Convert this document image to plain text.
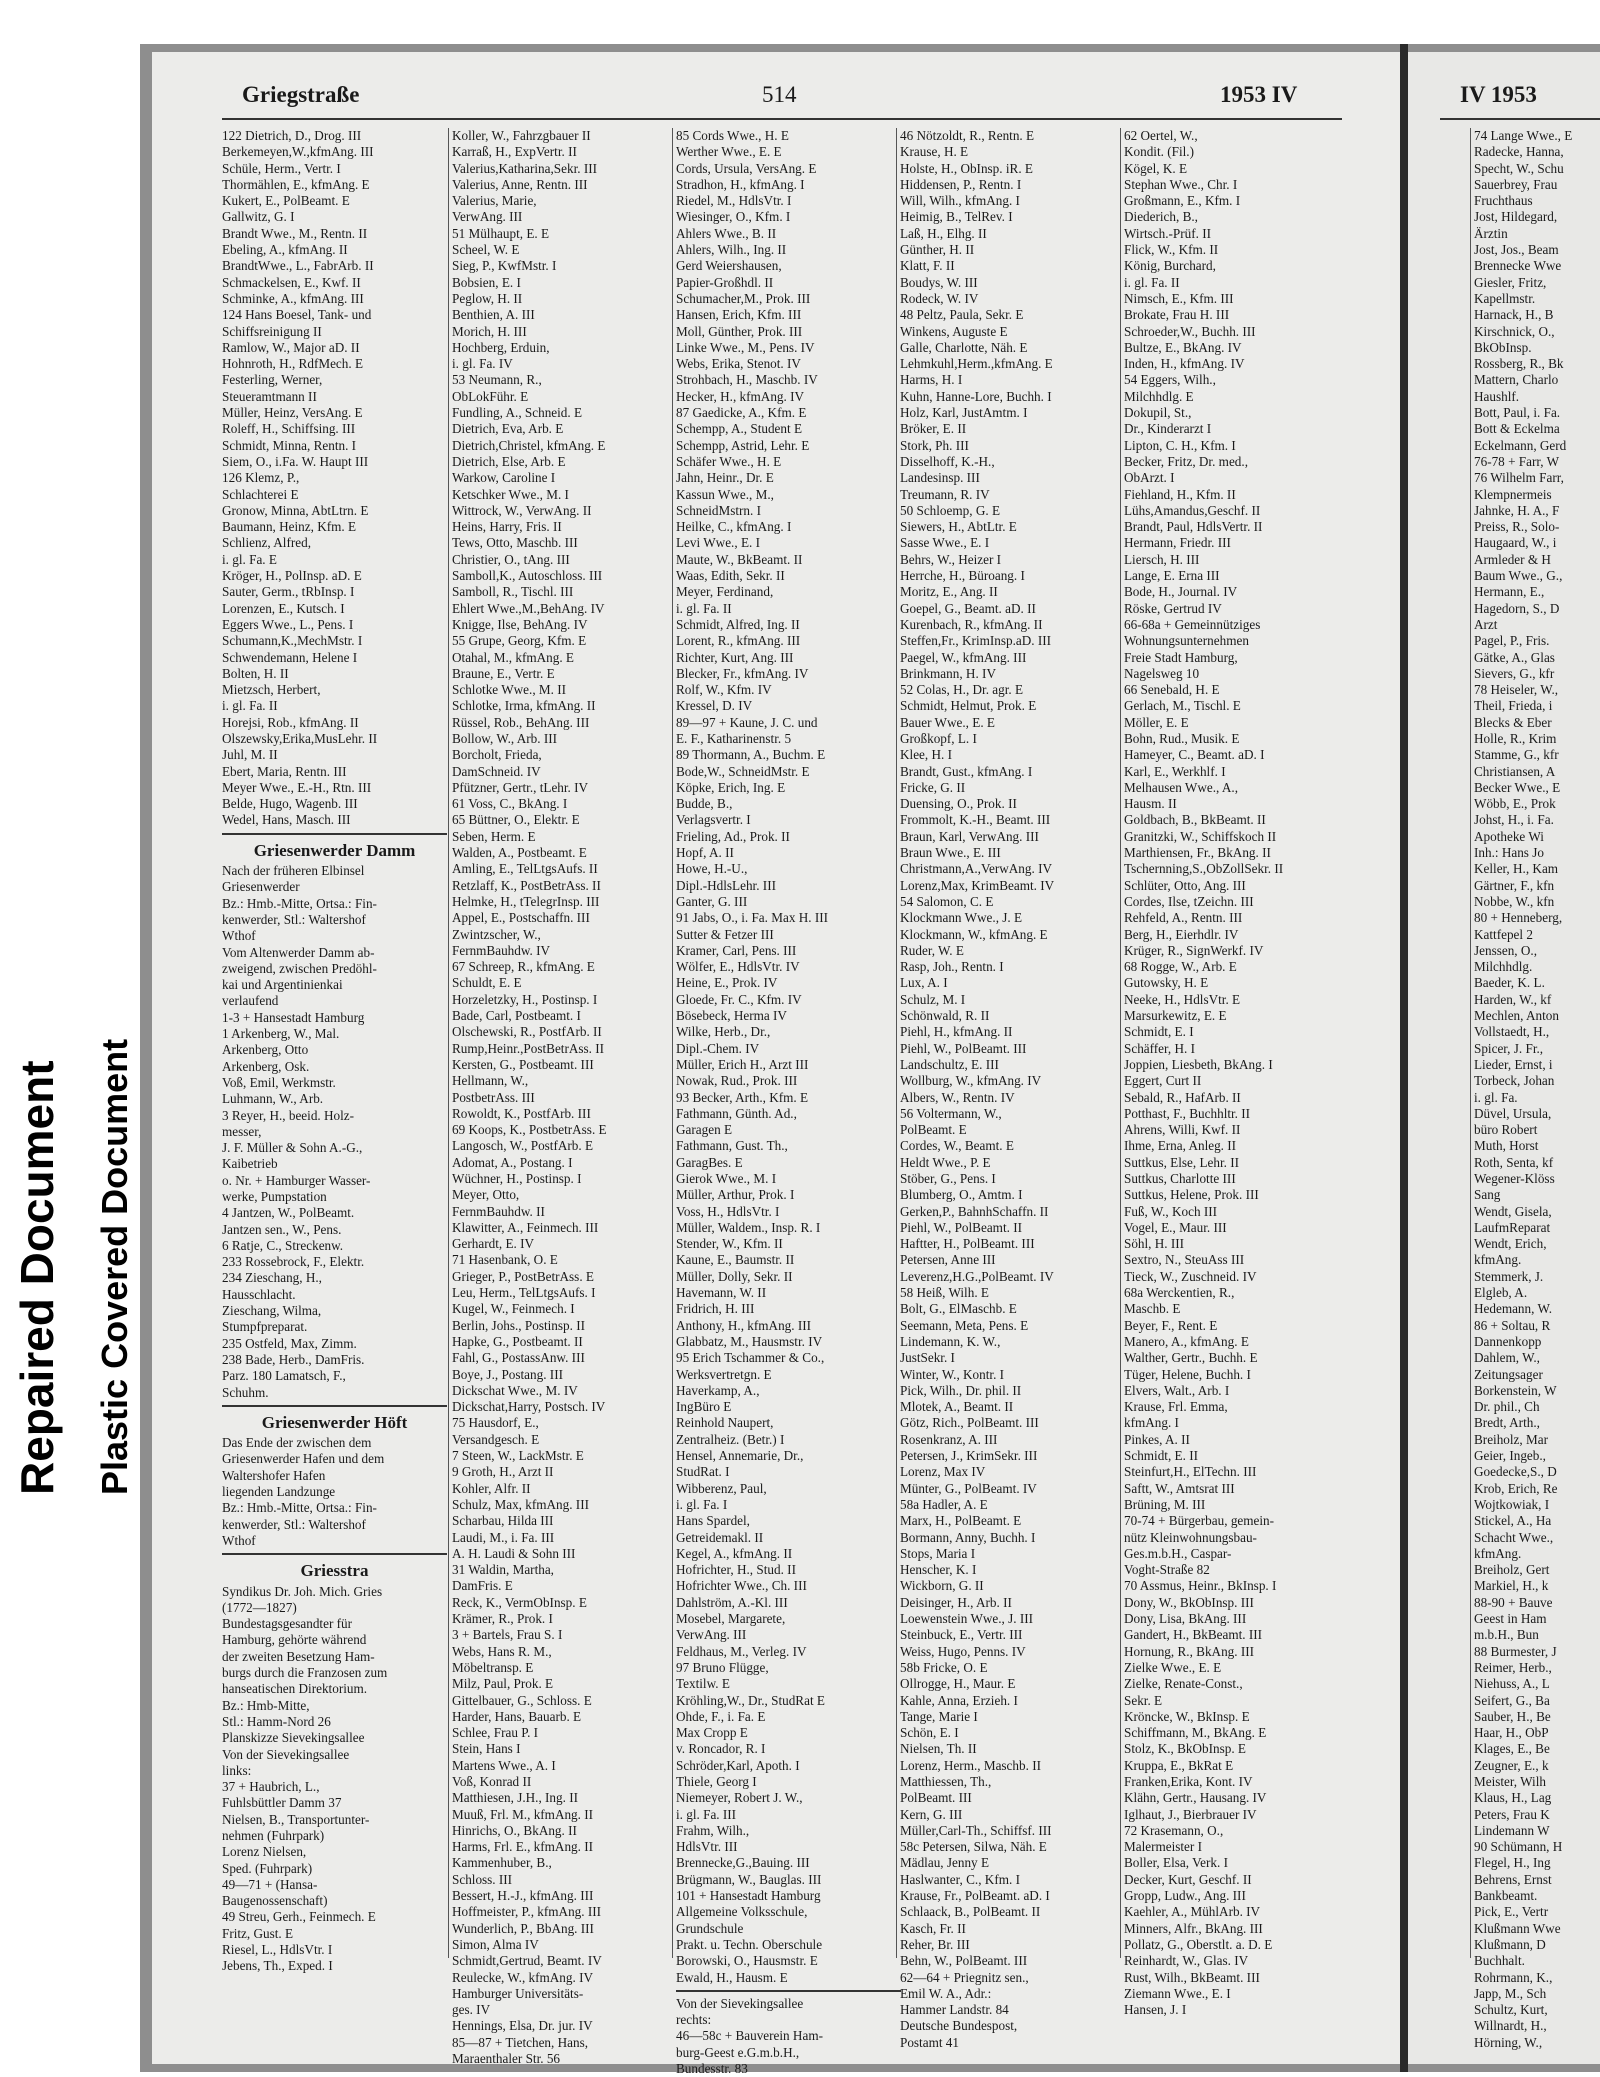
Repaired Document Plastic Covered Document
Griegstraße	514	1953 IV	IV 1953
122 Dietrich, D., Drog. III
Berkemeyen,W.,kfmAng. III
Schüle, Herm., Vertr. I
Thormählen, E., kfmAng. E
Kukert, E., PolBeamt. E
Gallwitz, G. I
Brandt Wwe., M., Rentn. II
Ebeling, A., kfmAng. II
BrandtWwe., L., FabrArb. II
Schmackelsen, E., Kwf. II
Schminke, A., kfmAng. III
124 Hans Boesel, Tank- und
Schiffsreinigung II
Ramlow, W., Major aD. II
Hohnroth, H., RdfMech. E
Festerling, Werner,
Steueramtmann II
Müller, Heinz, VersAng. E
Roleff, H., Schiffsing. III
Schmidt, Minna, Rentn. I
Siem, O., i.Fa. W. Haupt III
126 Klemz, P.,
Schlachterei E
Gronow, Minna, AbtLtrn. E
Baumann, Heinz, Kfm. E
Schlienz, Alfred,
i. gl. Fa. E
Kröger, H., PolInsp. aD. E
Sauter, Germ., tRbInsp. I
Lorenzen, E., Kutsch. I
Eggers Wwe., L., Pens. I
Schumann,K.,MechMstr. I
Schwendemann, Helene I
Bolten, H. II
Mietzsch, Herbert,
i. gl. Fa. II
Horejsi, Rob., kfmAng. II
Olszewsky,Erika,MusLehr. II
Juhl, M. II
Ebert, Maria, Rentn. III
Meyer Wwe., E.-H., Rtn. III
Belde, Hugo, Wagenb. III
Wedel, Hans, Masch. III
Griesenwerder Damm
Nach der früheren Elbinsel
Griesenwerder
Bz.: Hmb.-Mitte, Ortsa.: Fin-
kenwerder, Stl.: Waltershof
Wthof
Vom Altenwerder Damm ab-
zweigend, zwischen Predöhl-
kai und Argentinienkai
verlaufend
1-3 + Hansestadt Hamburg
1 Arkenberg, W., Mal.
Arkenberg, Otto
Arkenberg, Osk.
Voß, Emil, Werkmstr.
Luhmann, W., Arb.
3 Reyer, H., beeid. Holz-
messer,
J. F. Müller & Sohn A.-G.,
Kaibetrieb
o. Nr. + Hamburger Wasser-
werke, Pumpstation
4 Jantzen, W., PolBeamt.
Jantzen sen., W., Pens.
6 Ratje, C., Streckenw.
233 Rossebrock, F., Elektr.
234 Zieschang, H.,
Hausschlacht.
Zieschang, Wilma,
Stumpfpreparat.
235 Ostfeld, Max, Zimm.
238 Bade, Herb., DamFris.
Parz. 180 Lamatsch, F.,
Schuhm.
Griesenwerder Höft
Das Ende der zwischen dem
Griesenwerder Hafen und dem
Waltershofer Hafen
liegenden Landzunge
Bz.: Hmb.-Mitte, Ortsa.: Fin-
kenwerder, Stl.: Waltershof
Wthof
Griesstra
Syndikus Dr. Joh. Mich. Gries
(1772—1827)
Bundestagsgesandter für
Hamburg, gehörte während
der zweiten Besetzung Ham-
burgs durch die Franzosen zum
hanseatischen Direktorium.
Bz.: Hmb-Mitte,
Stl.: Hamm-Nord 26
Planskizze Sievekingsallee
Von der Sievekingsallee
links:
37 + Haubrich, L.,
Fuhlsbüttler Damm 37
Nielsen, B., Transportunter-
nehmen (Fuhrpark)
Lorenz Nielsen,
Sped. (Fuhrpark)
49—71 + (Hansa-
Baugenossenschaft)
49 Streu, Gerh., Feinmech. E
Fritz, Gust. E
Riesel, L., HdlsVtr. I
Jebens, Th., Exped. I
Koller, W., Fahrzgbauer II
Karraß, H., ExpVertr. II
Valerius,Katharina,Sekr. III
Valerius, Anne, Rentn. III
Valerius, Marie,
VerwAng. III
51 Mülhaupt, E. E
Scheel, W. E
Sieg, P., KwfMstr. I
Bobsien, E. I
Peglow, H. II
Benthien, A. III
Morich, H. III
Hochberg, Erduin,
i. gl. Fa. IV
53 Neumann, R.,
ObLokFühr. E
Fundling, A., Schneid. E
Dietrich, Eva, Arb. E
Dietrich,Christel, kfmAng. E
Dietrich, Else, Arb. E
Warkow, Caroline I
Ketschker Wwe., M. I
Wittrock, W., VerwAng. II
Heins, Harry, Fris. II
Tews, Otto, Maschb. III
Christier, O., tAng. III
Samboll,K., Autoschloss. III
Samboll, R., Tischl. III
Ehlert Wwe.,M.,BehAng. IV
Knigge, Ilse, BehAng. IV
55 Grupe, Georg, Kfm. E
Otahal, M., kfmAng. E
Braune, E., Vertr. E
Schlotke Wwe., M. II
Schlotke, Irma, kfmAng. II
Rüssel, Rob., BehAng. III
Bollow, W., Arb. III
Borcholt, Frieda,
DamSchneid. IV
Pfützner, Gertr., tLehr. IV
61 Voss, C., BkAng. I
65 Büttner, O., Elektr. E
Seben, Herm. E
Walden, A., Postbeamt. E
Amling, E., TelLtgsAufs. II
Retzlaff, K., PostBetrAss. II
Helmke, H., tTelegrInsp. III
Appel, E., Postschaffn. III
Zwintzscher, W.,
FernmBauhdw. IV
67 Schreep, R., kfmAng. E
Schuldt, E. E
Horzeletzky, H., Postinsp. I
Bade, Carl, Postbeamt. I
Olschewski, R., PostfArb. II
Rump,Heinr.,PostBetrAss. II
Kersten, G., Postbeamt. III
Hellmann, W.,
PostbetrAss. III
Rowoldt, K., PostfArb. III
69 Koops, K., PostbetrAss. E
Langosch, W., PostfArb. E
Adomat, A., Postang. I
Wüchner, H., Postinsp. I
Meyer, Otto,
FernmBauhdw. II
Klawitter, A., Feinmech. III
Gerhardt, E. IV
71 Hasenbank, O. E
Grieger, P., PostBetrAss. E
Leu, Herm., TelLtgsAufs. I
Kugel, W., Feinmech. I
Berlin, Johs., Postinsp. II
Hapke, G., Postbeamt. II
Fahl, G., PostassAnw. III
Boye, J., Postang. III
Dickschat Wwe., M. IV
Dickschat,Harry, Postsch. IV
75 Hausdorf, E.,
Versandgesch. E
7 Steen, W., LackMstr. E
9 Groth, H., Arzt II
Kohler, Alfr. II
Schulz, Max, kfmAng. III
Scharbau, Hilda III
Laudi, M., i. Fa. III
A. H. Laudi & Sohn III
31 Waldin, Martha,
DamFris. E
Reck, K., VermObInsp. E
Krämer, R., Prok. I
3 + Bartels, Frau S. I
Webs, Hans R. M.,
Möbeltransp. E
Milz, Paul, Prok. E
Gittelbauer, G., Schloss. E
Harder, Hans, Bauarb. E
Schlee, Frau P. I
Stein, Hans I
Martens Wwe., A. I
Voß, Konrad II
Matthiesen, J.H., Ing. II
Muuß, Frl. M., kfmAng. II
Hinrichs, O., BkAng. II
Harms, Frl. E., kfmAng. II
Kammenhuber, B.,
Schloss. III
Bessert, H.-J., kfmAng. III
Hoffmeister, P., kfmAng. III
Wunderlich, P., BbAng. III
Simon, Alma IV
Schmidt,Gertrud, Beamt. IV
Reulecke, W., kfmAng. IV
Hamburger Universitäts-
ges. IV
Hennings, Elsa, Dr. jur. IV
85—87 + Tietchen, Hans,
Maraenthaler Str. 56
85 Cords Wwe., H. E
Werther Wwe., E. E
Cords, Ursula, VersAng. E
Stradhon, H., kfmAng. I
Riedel, M., HdlsVtr. I
Wiesinger, O., Kfm. I
Ahlers Wwe., B. II
Ahlers, Wilh., Ing. II
Gerd Weiershausen,
Papier-Großhdl. II
Schumacher,M., Prok. III
Hansen, Erich, Kfm. III
Moll, Günther, Prok. III
Linke Wwe., M., Pens. IV
Webs, Erika, Stenot. IV
Strohbach, H., Maschb. IV
Hecker, H., kfmAng. IV
87 Gaedicke, A., Kfm. E
Schempp, A., Student E
Schempp, Astrid, Lehr. E
Schäfer Wwe., H. E
Jahn, Heinr., Dr. E
Kassun Wwe., M.,
SchneidMstrn. I
Heilke, C., kfmAng. I
Levi Wwe., E. I
Maute, W., BkBeamt. II
Waas, Edith, Sekr. II
Meyer, Ferdinand,
i. gl. Fa. II
Schmidt, Alfred, Ing. II
Lorent, R., kfmAng. III
Richter, Kurt, Ang. III
Blecker, Fr., kfmAng. IV
Rolf, W., Kfm. IV
Kressel, D. IV
89—97 + Kaune, J. C. und
E. F., Katharinenstr. 5
89 Thormann, A., Buchm. E
Bode,W., SchneidMstr. E
Köpke, Erich, Ing. E
Budde, B.,
Verlagsvertr. I
Frieling, Ad., Prok. II
Hopf, A. II
Howe, H.-U.,
Dipl.-HdlsLehr. III
Ganter, G. III
91 Jabs, O., i. Fa. Max H. III
Sutter & Fetzer III
Kramer, Carl, Pens. III
Wölfer, E., HdlsVtr. IV
Heine, E., Prok. IV
Gloede, Fr. C., Kfm. IV
Bösebeck, Herma IV
Wilke, Herb., Dr.,
Dipl.-Chem. IV
Müller, Erich H., Arzt III
Nowak, Rud., Prok. III
93 Becker, Arth., Kfm. E
Fathmann, Günth. Ad.,
Garagen E
Fathmann, Gust. Th.,
GaragBes. E
Gierok Wwe., M. I
Müller, Arthur, Prok. I
Voss, H., HdlsVtr. I
Müller, Waldem., Insp. R. I
Stender, W., Kfm. II
Kaune, E., Baumstr. II
Müller, Dolly, Sekr. II
Havemann, W. II
Fridrich, H. III
Anthony, H., kfmAng. III
Glabbatz, M., Hausmstr. IV
95 Erich Tschammer & Co.,
Werksvertretgn. E
Haverkamp, A.,
IngBüro E
Reinhold Naupert,
Zentralheiz. (Betr.) I
Hensel, Annemarie, Dr.,
StudRat. I
Wibberenz, Paul,
i. gl. Fa. I
Hans Spardel,
Getreidemakl. II
Kegel, A., kfmAng. II
Hofrichter, H., Stud. II
Hofrichter Wwe., Ch. III
Dahlström, A.-Kl. III
Mosebel, Margarete,
VerwAng. III
Feldhaus, M., Verleg. IV
97 Bruno Flügge,
Textilw. E
Kröhling,W., Dr., StudRat E
Ohde, F., i. Fa. E
Max Cropp E
v. Roncador, R. I
Schröder,Karl, Apoth. I
Thiele, Georg I
Niemeyer, Robert J. W.,
i. gl. Fa. III
Frahm, Wilh.,
HdlsVtr. III
Brennecke,G.,Bauing. III
Brügmann, W., Bauglas. III
101 + Hansestadt Hamburg
Allgemeine Volksschule,
Grundschule
Prakt. u. Techn. Oberschule
Borowski, O., Hausmstr. E
Ewald, H., Hausm. E
Von der Sievekingsallee
rechts:
46—58c + Bauverein Ham-
burg-Geest e.G.m.b.H.,
Bundesstr. 83
46 Nötzoldt, R., Rentn. E
Krause, H. E
Holste, H., ObInsp. iR. E
Hiddensen, P., Rentn. I
Will, Wilh., kfmAng. I
Heimig, B., TelRev. I
Laß, H., Elhg. II
Günther, H. II
Klatt, F. II
Boudys, W. III
Rodeck, W. IV
48 Peltz, Paula, Sekr. E
Winkens, Auguste E
Galle, Charlotte, Näh. E
Lehmkuhl,Herm.,kfmAng. E
Harms, H. I
Kuhn, Hanne-Lore, Buchh. I
Holz, Karl, JustAmtm. I
Bröker, E. II
Stork, Ph. III
Disselhoff, K.-H.,
Landesinsp. III
Treumann, R. IV
50 Schloemp, G. E
Siewers, H., AbtLtr. E
Sasse Wwe., E. I
Behrs, W., Heizer I
Herrche, H., Büroang. I
Moritz, E., Ang. II
Goepel, G., Beamt. aD. II
Kurenbach, R., kfmAng. II
Steffen,Fr., KrimInsp.aD. III
Paegel, W., kfmAng. III
Brinkmann, H. IV
52 Colas, H., Dr. agr. E
Schmidt, Helmut, Prok. E
Bauer Wwe., E. E
Großkopf, L. I
Klee, H. I
Brandt, Gust., kfmAng. I
Fricke, G. II
Duensing, O., Prok. II
Frommolt, K.-H., Beamt. III
Braun, Karl, VerwAng. III
Braun Wwe., E. III
Christmann,A.,VerwAng. IV
Lorenz,Max, KrimBeamt. IV
54 Salomon, C. E
Klockmann Wwe., J. E
Klockmann, W., kfmAng. E
Ruder, W. E
Rasp, Joh., Rentn. I
Lux, A. I
Schulz, M. I
Schönwald, R. II
Piehl, H., kfmAng. II
Piehl, W., PolBeamt. III
Landschultz, E. III
Wollburg, W., kfmAng. IV
Albers, W., Rentn. IV
56 Voltermann, W.,
PolBeamt. E
Cordes, W., Beamt. E
Heldt Wwe., P. E
Stöber, G., Pens. I
Blumberg, O., Amtm. I
Gerken,P., BahnhSchaffn. II
Piehl, W., PolBeamt. II
Haftter, H., PolBeamt. III
Petersen, Anne III
Leverenz,H.G.,PolBeamt. IV
58 Heiß, Wilh. E
Bolt, G., ElMaschb. E
Seemann, Meta, Pens. E
Lindemann, K. W.,
JustSekr. I
Winter, W., Kontr. I
Pick, Wilh., Dr. phil. II
Mlotek, A., Beamt. II
Götz, Rich., PolBeamt. III
Rosenkranz, A. III
Petersen, J., KrimSekr. III
Lorenz, Max IV
Münter, G., PolBeamt. IV
58a Hadler, A. E
Marx, H., PolBeamt. E
Bormann, Anny, Buchh. I
Stops, Maria I
Henscher, K. I
Wickborn, G. II
Deisinger, H., Arb. II
Loewenstein Wwe., J. III
Steinbuck, E., Vertr. III
Weiss, Hugo, Penns. IV
58b Fricke, O. E
Ollrogge, H., Maur. E
Kahle, Anna, Erzieh. I
Tange, Marie I
Schön, E. I
Nielsen, Th. II
Lorenz, Herm., Maschb. II
Matthiessen, Th.,
PolBeamt. III
Kern, G. III
Müller,Carl-Th., Schiffsf. III
58c Petersen, Silwa, Näh. E
Mädlau, Jenny E
Haslwanter, C., Kfm. I
Krause, Fr., PolBeamt. aD. I
Schlaack, B., PolBeamt. II
Kasch, Fr. II
Reher, Br. III
Behn, W., PolBeamt. III
62—64 + Priegnitz sen.,
Emil W. A., Adr.:
Hammer Landstr. 84
Deutsche Bundespost,
Postamt 41
62 Oertel, W.,
Kondit. (Fil.)
Kögel, K. E
Stephan Wwe., Chr. I
Großmann, E., Kfm. I
Diederich, B.,
Wirtsch.-Prüf. II
Flick, W., Kfm. II
König, Burchard,
i. gl. Fa. II
Nimsch, E., Kfm. III
Brokate, Frau H. III
Schroeder,W., Buchh. III
Bultze, E., BkAng. IV
Inden, H., kfmAng. IV
54 Eggers, Wilh.,
Milchhdlg. E
Dokupil, St.,
Dr., Kinderarzt I
Lipton, C. H., Kfm. I
Becker, Fritz, Dr. med.,
ObArzt. I
Fiehland, H., Kfm. II
Lühs,Amandus,Geschf. II
Brandt, Paul, HdlsVertr. II
Hermann, Friedr. III
Liersch, H. III
Lange, E. Erna III
Bode, H., Journal. IV
Röske, Gertrud IV
66-68a + Gemeinnütziges
Wohnungsunternehmen
Freie Stadt Hamburg,
Nagelsweg 10
66 Senebald, H. E
Gerlach, M., Tischl. E
Möller, E. E
Bohn, Rud., Musik. E
Hameyer, C., Beamt. aD. I
Karl, E., Werkhlf. I
Melhausen Wwe., A.,
Hausm. II
Goldbach, B., BkBeamt. II
Granitzki, W., Schiffskoch II
Marthiensen, Fr., BkAng. II
Tschernning,S.,ObZollSekr. II
Schlüter, Otto, Ang. III
Cordes, Ilse, tZeichn. III
Rehfeld, A., Rentn. III
Berg, H., Eierhdlr. IV
Krüger, R., SignWerkf. IV
68 Rogge, W., Arb. E
Gutowsky, H. E
Neeke, H., HdlsVtr. E
Marsurkewitz, E. E
Schmidt, E. I
Schäffer, H. I
Joppien, Liesbeth, BkAng. I
Eggert, Curt II
Sebald, R., HafArb. II
Potthast, F., Buchhltr. II
Ahrens, Willi, Kwf. II
Ihme, Erna, Anleg. II
Suttkus, Else, Lehr. II
Suttkus, Charlotte III
Suttkus, Helene, Prok. III
Fuß, W., Koch III
Vogel, E., Maur. III
Söhl, H. III
Sextro, N., SteuAss III
Tieck, W., Zuschneid. IV
68a Werckentien, R.,
Maschb. E
Beyer, F., Rent. E
Manero, A., kfmAng. E
Walther, Gertr., Buchh. E
Tüger, Helene, Buchh. I
Elvers, Walt., Arb. I
Krause, Frl. Emma,
kfmAng. I
Pinkes, A. II
Schmidt, E. II
Steinfurt,H., ElTechn. III
Saftt, W., Amtsrat III
Brüning, M. III
70-74 + Bürgerbau, gemein-
nütz Kleinwohnungsbau-
Ges.m.b.H., Caspar-
Voght-Straße 82
70 Assmus, Heinr., BkInsp. I
Dony, W., BkObInsp. III
Dony, Lisa, BkAng. III
Gandert, H., BkBeamt. III
Hornung, R., BkAng. III
Zielke Wwe., E. E
Zielke, Renate-Const.,
Sekr. E
Kröncke, W., BkInsp. E
Schiffmann, M., BkAng. E
Stolz, K., BkObInsp. E
Kruppa, E., BkRat E
Franken,Erika, Kont. IV
Klähn, Gertr., Hausang. IV
Iglhaut, J., Bierbrauer IV
72 Krasemann, O.,
Malermeister I
Boller, Elsa, Verk. I
Decker, Kurt, Geschf. II
Gropp, Ludw., Ang. III
Kaehler, A., MühlArb. IV
Minners, Alfr., BkAng. III
Pollatz, G., Oberstlt. a. D. E
Reinhardt, W., Glas. IV
Rust, Wilh., BkBeamt. III
Ziemann Wwe., E. I
Hansen, J. I
74 Lange Wwe., E
Radecke, Hanna,
Specht, W., Schu
Sauerbrey, Frau
Fruchthaus
Jost, Hildegard,
Ärztin
Jost, Jos., Beam
Brennecke Wwe
Giesler, Fritz,
Kapellmstr.
Harnack, H., B
Kirschnick, O.,
BkObInsp.
Rossberg, R., Bk
Mattern, Charlo
Haushlf.
Bott, Paul, i. Fa.
Bott & Eckelma
Eckelmann, Gerd
76-78 + Farr, W
76 Wilhelm Farr,
Klempnermeis
Jahnke, H. A., F
Preiss, R., Solo-
Haugaard, W., i
Armleder & H
Baum Wwe., G.,
Hermann, E.,
Hagedorn, S., D
Arzt
Pagel, P., Fris.
Gätke, A., Glas
Sievers, G., kfr
78 Heiseler, W.,
Theil, Frieda, i
Blecks & Eber
Holle, R., Krim
Stamme, G., kfr
Christiansen, A
Becker Wwe., E
Wöbb, E., Prok
Johst, H., i. Fa.
Apotheke Wi
Inh.: Hans Jo
Keller, H., Kam
Gärtner, F., kfn
Nobbe, W., kfn
80 + Henneberg,
Kattfepel 2
Jenssen, O.,
Milchhdlg.
Baeder, K. L.
Harden, W., kf
Mechlen, Anton
Vollstaedt, H.,
Spicer, J. Fr.,
Lieder, Ernst, i
Torbeck, Johan
i. gl. Fa.
Düvel, Ursula,
büro Robert
Muth, Horst
Roth, Senta, kf
Wegener-Klöss
Sang
Wendt, Gisela,
LaufmReparat
Wendt, Erich,
kfmAng.
Stemmerk, J.
Elgleb, A.
Hedemann, W.
86 + Soltau, R
Dannenkopp
Dahlem, W.,
Zeitungsager
Borkenstein, W
Dr. phil., Ch
Bredt, Arth.,
Breiholz, Mar
Geier, Ingeb.,
Goedecke,S., D
Krob, Erich, Re
Wojtkowiak, I
Stickel, A., Ha
Schacht Wwe.,
kfmAng.
Breiholz, Gert
Markiel, H., k
88-90 + Bauve
Geest in Ham
m.b.H., Bun
88 Burmester, J
Reimer, Herb.,
Niehuss, A., L
Seifert, G., Ba
Sauber, H., Be
Haar, H., ObP
Klages, E., Be
Zeugner, E., k
Meister, Wilh
Klaus, H., Lag
Peters, Frau K
Lindemann W
90 Schümann, H
Flegel, H., Ing
Behrens, Ernst
Bankbeamt.
Pick, E., Vertr
Klußmann Wwe
Klußmann, D
Buchhalt.
Rohrmann, K.,
Japp, M., Sch
Schultz, Kurt,
Willnardt, H.,
Hörning, W.,
